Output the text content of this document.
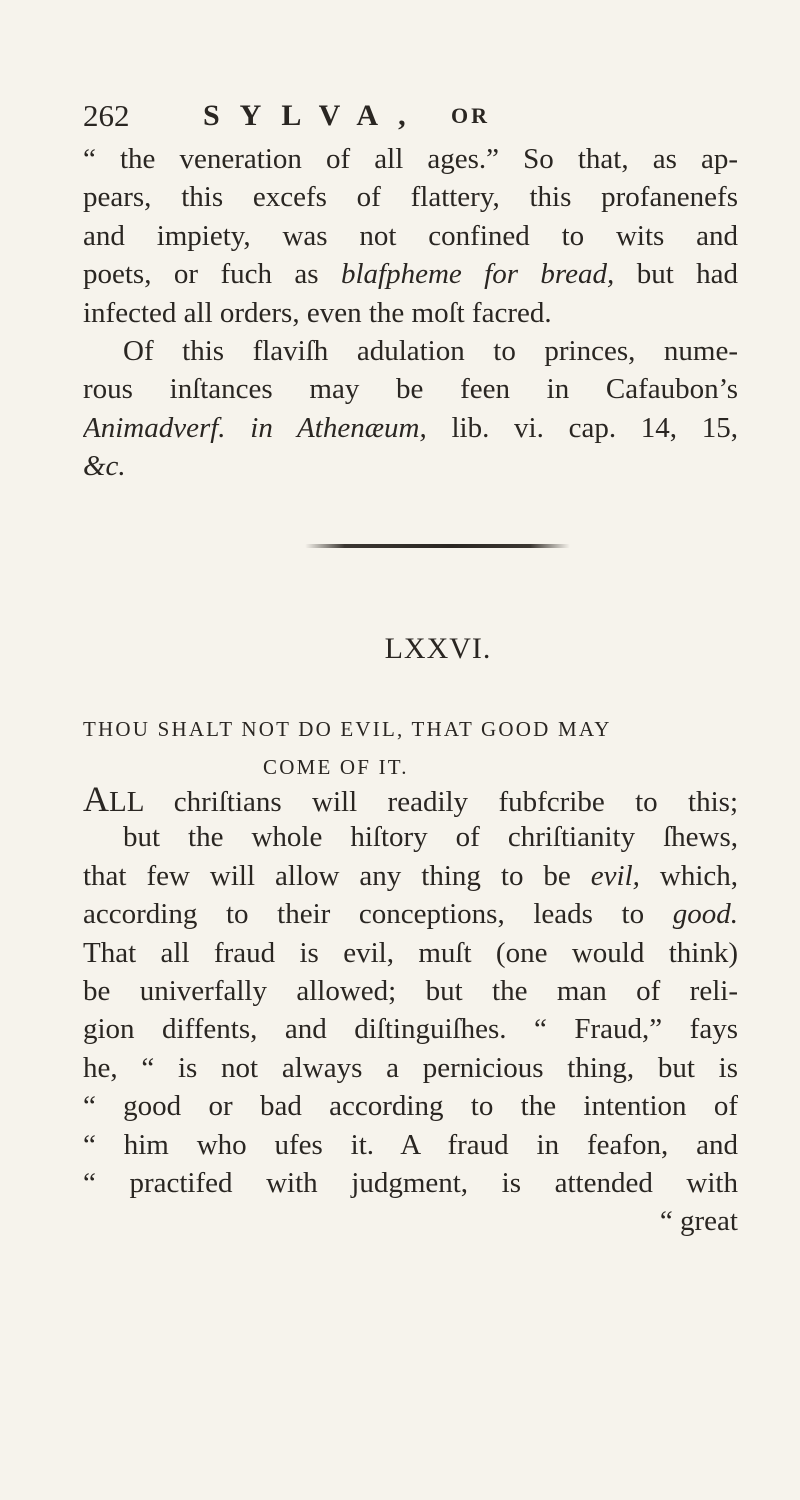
262 SYLVA, OR
“ the veneration of all ages.” So that, as ap-
pears, this excefs of flattery, this profanenefs
and impiety, was not confined to wits and
poets, or fuch as blafpheme for bread, but had
infected all orders, even the moſt facred.
Of this flaviſh adulation to princes, nume-
rous inſtances may be feen in Cafaubon’s
Animadverf. in Athenæum, lib. vi. cap. 14, 15,
&c.
LXXVI.
THOU SHALT NOT DO EVIL, THAT GOOD MAY
COME OF IT.
ALL chriſtians will readily fubfcribe to this;
but the whole hiſtory of chriſtianity ſhews,
that few will allow any thing to be evil, which,
according to their conceptions, leads to good.
That all fraud is evil, muſt (one would think)
be univerfally allowed; but the man of reli-
gion diffents, and diſtinguiſhes. “ Fraud,” fays
he, “ is not always a pernicious thing, but is
“ good or bad according to the intention of
“ him who ufes it. A fraud in feafon, and
“ practifed with judgment, is attended with
“ great
